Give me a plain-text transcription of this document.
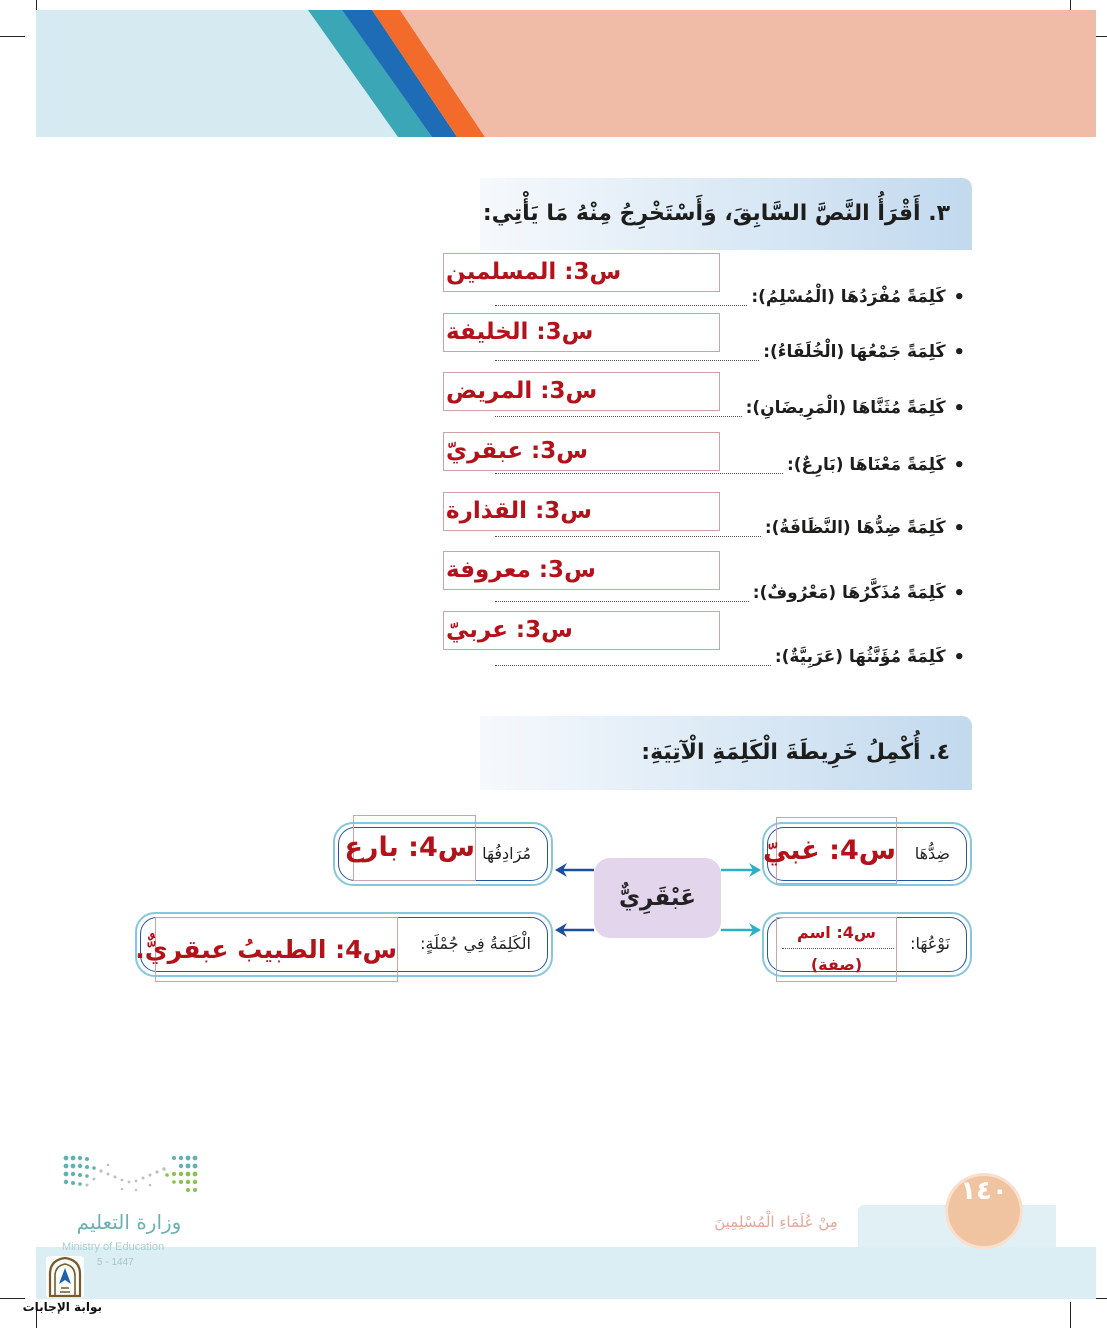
٣. أَقْرَأُ النَّصَّ السَّابِقَ، وَأَسْتَخْرِجُ مِنْهُ مَا يَأْتِي:
•
كَلِمَةً مُفْرَدُهَا (الْمُسْلِمُ):
•
كَلِمَةً جَمْعُهَا (الْخُلَفَاءُ):
•
كَلِمَةً مُثَنَّاهَا (الْمَرِيضَانِ):
•
كَلِمَةً مَعْنَاهَا (بَارِعٌ):
•
كَلِمَةً ضِدُّهَا (النَّظَافَةُ):
•
كَلِمَةً مُذَكَّرُهَا (مَعْرُوفٌ):
•
كَلِمَةً مُؤَنَّثُهَا (عَرَبِيَّةٌ):
س3: المسلمين
س3: الخليفة
س3: المريض
س3: عبقريّ
س3: القذارة
س3: معروفة
س3: عربيّ
٤. أُكْمِلُ خَرِيطَةَ الْكَلِمَةِ الْآتِيَةِ:
عَبْقَرِيٌّ
ضِدُّهَا
س4: غبيّ
نَوْعُهَا:
س4: اسم
(صفة)
مُرَادِفُهَا
س4: بارع
الْكَلِمَةُ فِي جُمْلَةٍ:
س4: الطبيبُ عبقريٌّ.
١٤٠
مِنْ عُلَمَاءِ الْمُسْلِمِينَ
وزارة التعليم
Ministry of Education
5 - 1447
بوابة الإجابات
